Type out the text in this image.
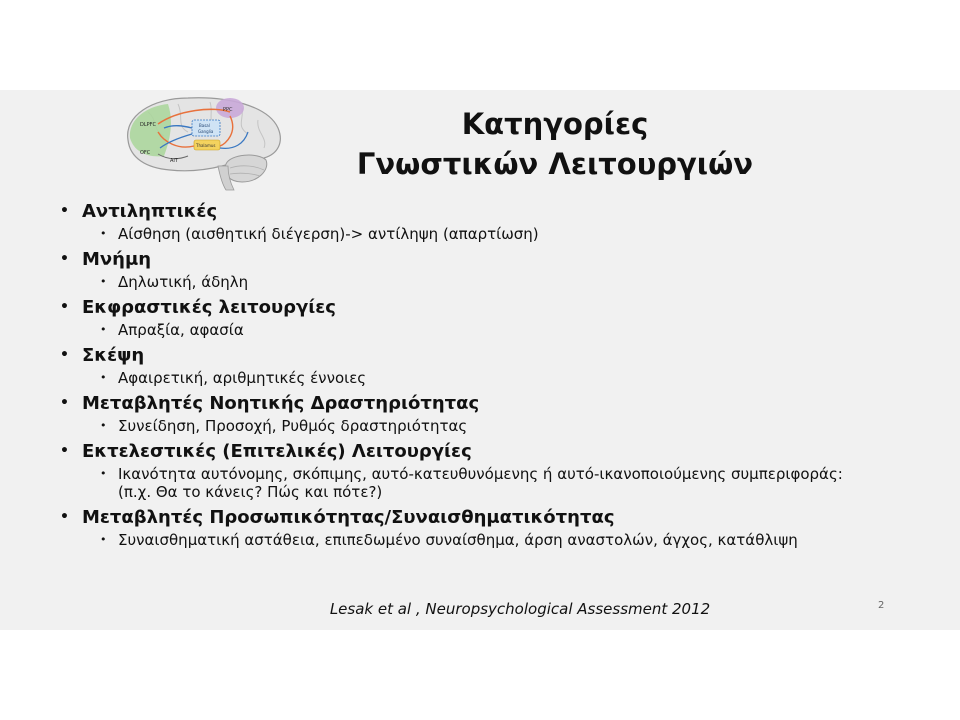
PPC
DLPFC
OFC
AIT
Basal
Ganglia
Thalamus
Κατηγορίες
Γνωστικών Λειτουργιών
• Αντιληπτικές
• Αίσθηση (αισθητική διέγερση)-> αντίληψη (απαρτίωση)
• Μνήμη
• Δηλωτική, άδηλη
• Εκφραστικές λειτουργίες
• Απραξία, αφασία
• Σκέψη
• Αφαιρετική, αριθμητικές έννοιες
• Μεταβλητές Νοητικής Δραστηριότητας
• Συνείδηση, Προσοχή, Ρυθμός δραστηριότητας
• Εκτελεστικές (Επιτελικές) Λειτουργίες
• Ικανότητα αυτόνομης, σκόπιμης, αυτό-κατευθυνόμενης ή αυτό-ικανοποιούμενης συμπεριφοράς:
(π.χ. Θα το κάνεις? Πώς και πότε?)
• Μεταβλητές Προσωπικότητας/Συναισθηματικότητας
• Συναισθηματική αστάθεια, επιπεδωμένο συναίσθημα, άρση αναστολών, άγχος, κατάθλιψη
Lesak et al , Neuropsychological Assessment 2012	2
